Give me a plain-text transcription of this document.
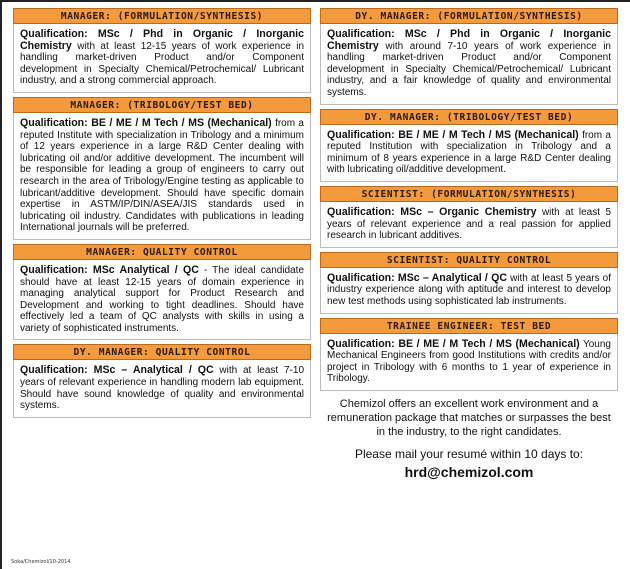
MANAGER: (FORMULATION/SYNTHESIS)
Qualification: MSc / Phd in Organic / Inorganic Chemistry with at least 12-15 years of work experience in handling market-driven Product and/or Component development in Specialty Chemical/Petrochemical/ Lubricant industry, and a strong commercial approach.
MANAGER: (TRIBOLOGY/TEST BED)
Qualification: BE / ME / M Tech / MS (Mechanical) from a reputed Institute with specialization in Tribology and a minimum of 12 years experience in a large R&D Center dealing with lubricating oil and/or additive development. The incumbent will be responsible for leading a group of engineers to carry out research in the area of Tribology/Engine testing as applicable to lubricant/additive development. Should have specific domain expertise in ASTM/IP/DIN/ASEA/JIS standards used in lubricating oil industry. Candidates with publications in leading International journals will be preferred.
MANAGER: QUALITY CONTROL
Qualification: MSc Analytical / QC - The ideal candidate should have at least 12-15 years of domain experience in managing analytical support for Product Research and Development and working to tight deadlines. Should have effectively led a team of QC analysts with skills in using a variety of sophisticated instruments.
DY. MANAGER: QUALITY CONTROL
Qualification: MSc – Analytical / QC with at least 7-10 years of relevant experience in handling modern lab equipment. Should have sound knowledge of quality and environmental systems.
DY. MANAGER: (FORMULATION/SYNTHESIS)
Qualification: MSc / Phd in Organic / Inorganic Chemistry with around 7-10 years of work experience in handling market-driven Product and/or Component development in Specialty Chemical/Petrochemical/ Lubricant industry, and a fair knowledge of quality and environmental systems.
DY. MANAGER: (TRIBOLOGY/TEST BED)
Qualification: BE / ME / M Tech / MS (Mechanical) from a reputed Institution with specialization in Tribology and a minimum of 8 years experience in a large R&D Center dealing with lubricating oil/additive development.
SCIENTIST: (FORMULATION/SYNTHESIS)
Qualification: MSc – Organic Chemistry with at least 5 years of relevant experience and a real passion for applied research in lubricant additives.
SCIENTIST: QUALITY CONTROL
Qualification: MSc – Analytical / QC with at least 5 years of industry experience along with aptitude and interest to develop new test methods using sophisticated lab instruments.
TRAINEE ENGINEER: TEST BED
Qualification: BE / ME / M Tech / MS (Mechanical) Young Mechanical Engineers from good Institutions with credits and/or project in Tribology with 6 months to 1 year of experience in Tribology.
Chemizol offers an excellent work environment and a remuneration package that matches or surpasses the best in the industry, to the right candidates.
Please mail your resumé within 10 days to:
hrd@chemizol.com
Soka/Chemizol/10-2014
